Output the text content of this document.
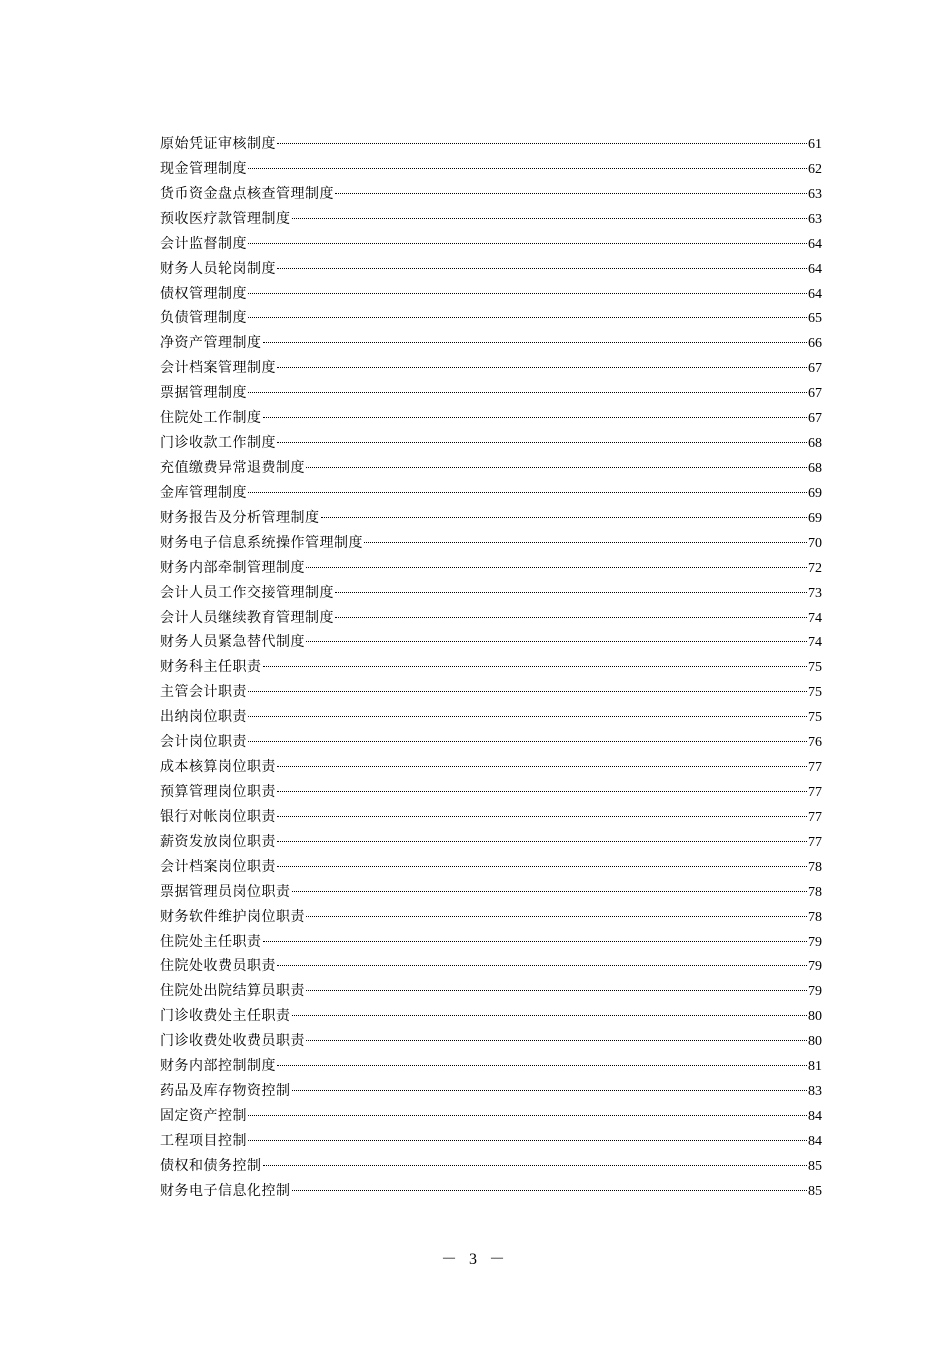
原始凭证审核制度	61
现金管理制度	62
货币资金盘点核查管理制度	63
预收医疗款管理制度	63
会计监督制度	64
财务人员轮岗制度	64
债权管理制度	64
负债管理制度	65
净资产管理制度	66
会计档案管理制度	67
票据管理制度	67
住院处工作制度	67
门诊收款工作制度	68
充值缴费异常退费制度	68
金库管理制度	69
财务报告及分析管理制度	69
财务电子信息系统操作管理制度	70
财务内部牵制管理制度	72
会计人员工作交接管理制度	73
会计人员继续教育管理制度	74
财务人员紧急替代制度	74
财务科主任职责	75
主管会计职责	75
出纳岗位职责	75
会计岗位职责	76
成本核算岗位职责	77
预算管理岗位职责	77
银行对帐岗位职责	77
薪资发放岗位职责	77
会计档案岗位职责	78
票据管理员岗位职责	78
财务软件维护岗位职责	78
住院处主任职责	79
住院处收费员职责	79
住院处出院结算员职责	79
门诊收费处主任职责	80
门诊收费处收费员职责	80
财务内部控制制度	81
药品及库存物资控制	83
固定资产控制	84
工程项目控制	84
债权和债务控制	85
财务电子信息化控制	85
－ 3 －
